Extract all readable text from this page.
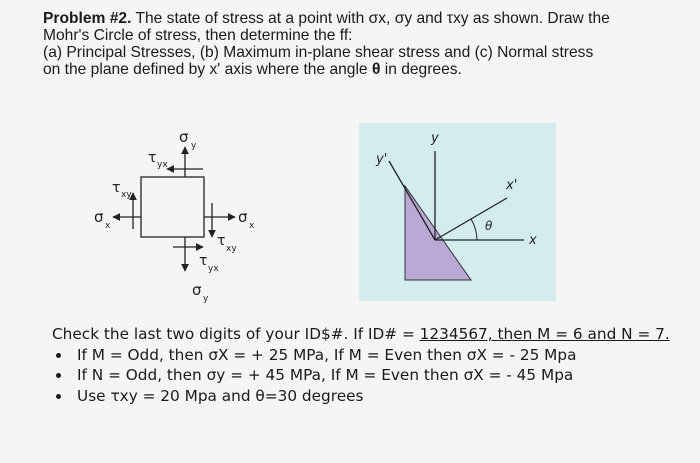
Problem #2. The state of stress at a point with σx, σy and τxy as shown. Draw the

Mohr's Circle of stress, then determine the ff:

(a) Principal Stresses, (b) Maximum in-plane shear stress and (c) Normal stress

on the plane defined by x' axis where the angle θ in degrees.

σ y
τ yx
τ xy
σ x	σ x
τ xy
τ yx
σ y
y
y'
x'
x
θ
Check the last two digits of your ID$#. If ID# = 1234567, then M = 6 and N = 7.
If M = Odd, then σX = + 25 MPa, If M = Even then σX = - 25 Mpa
If N = Odd, then σy = + 45 MPa, If M = Even then σX = - 45 Mpa
Use τxy = 20 Mpa and θ=30 degrees
